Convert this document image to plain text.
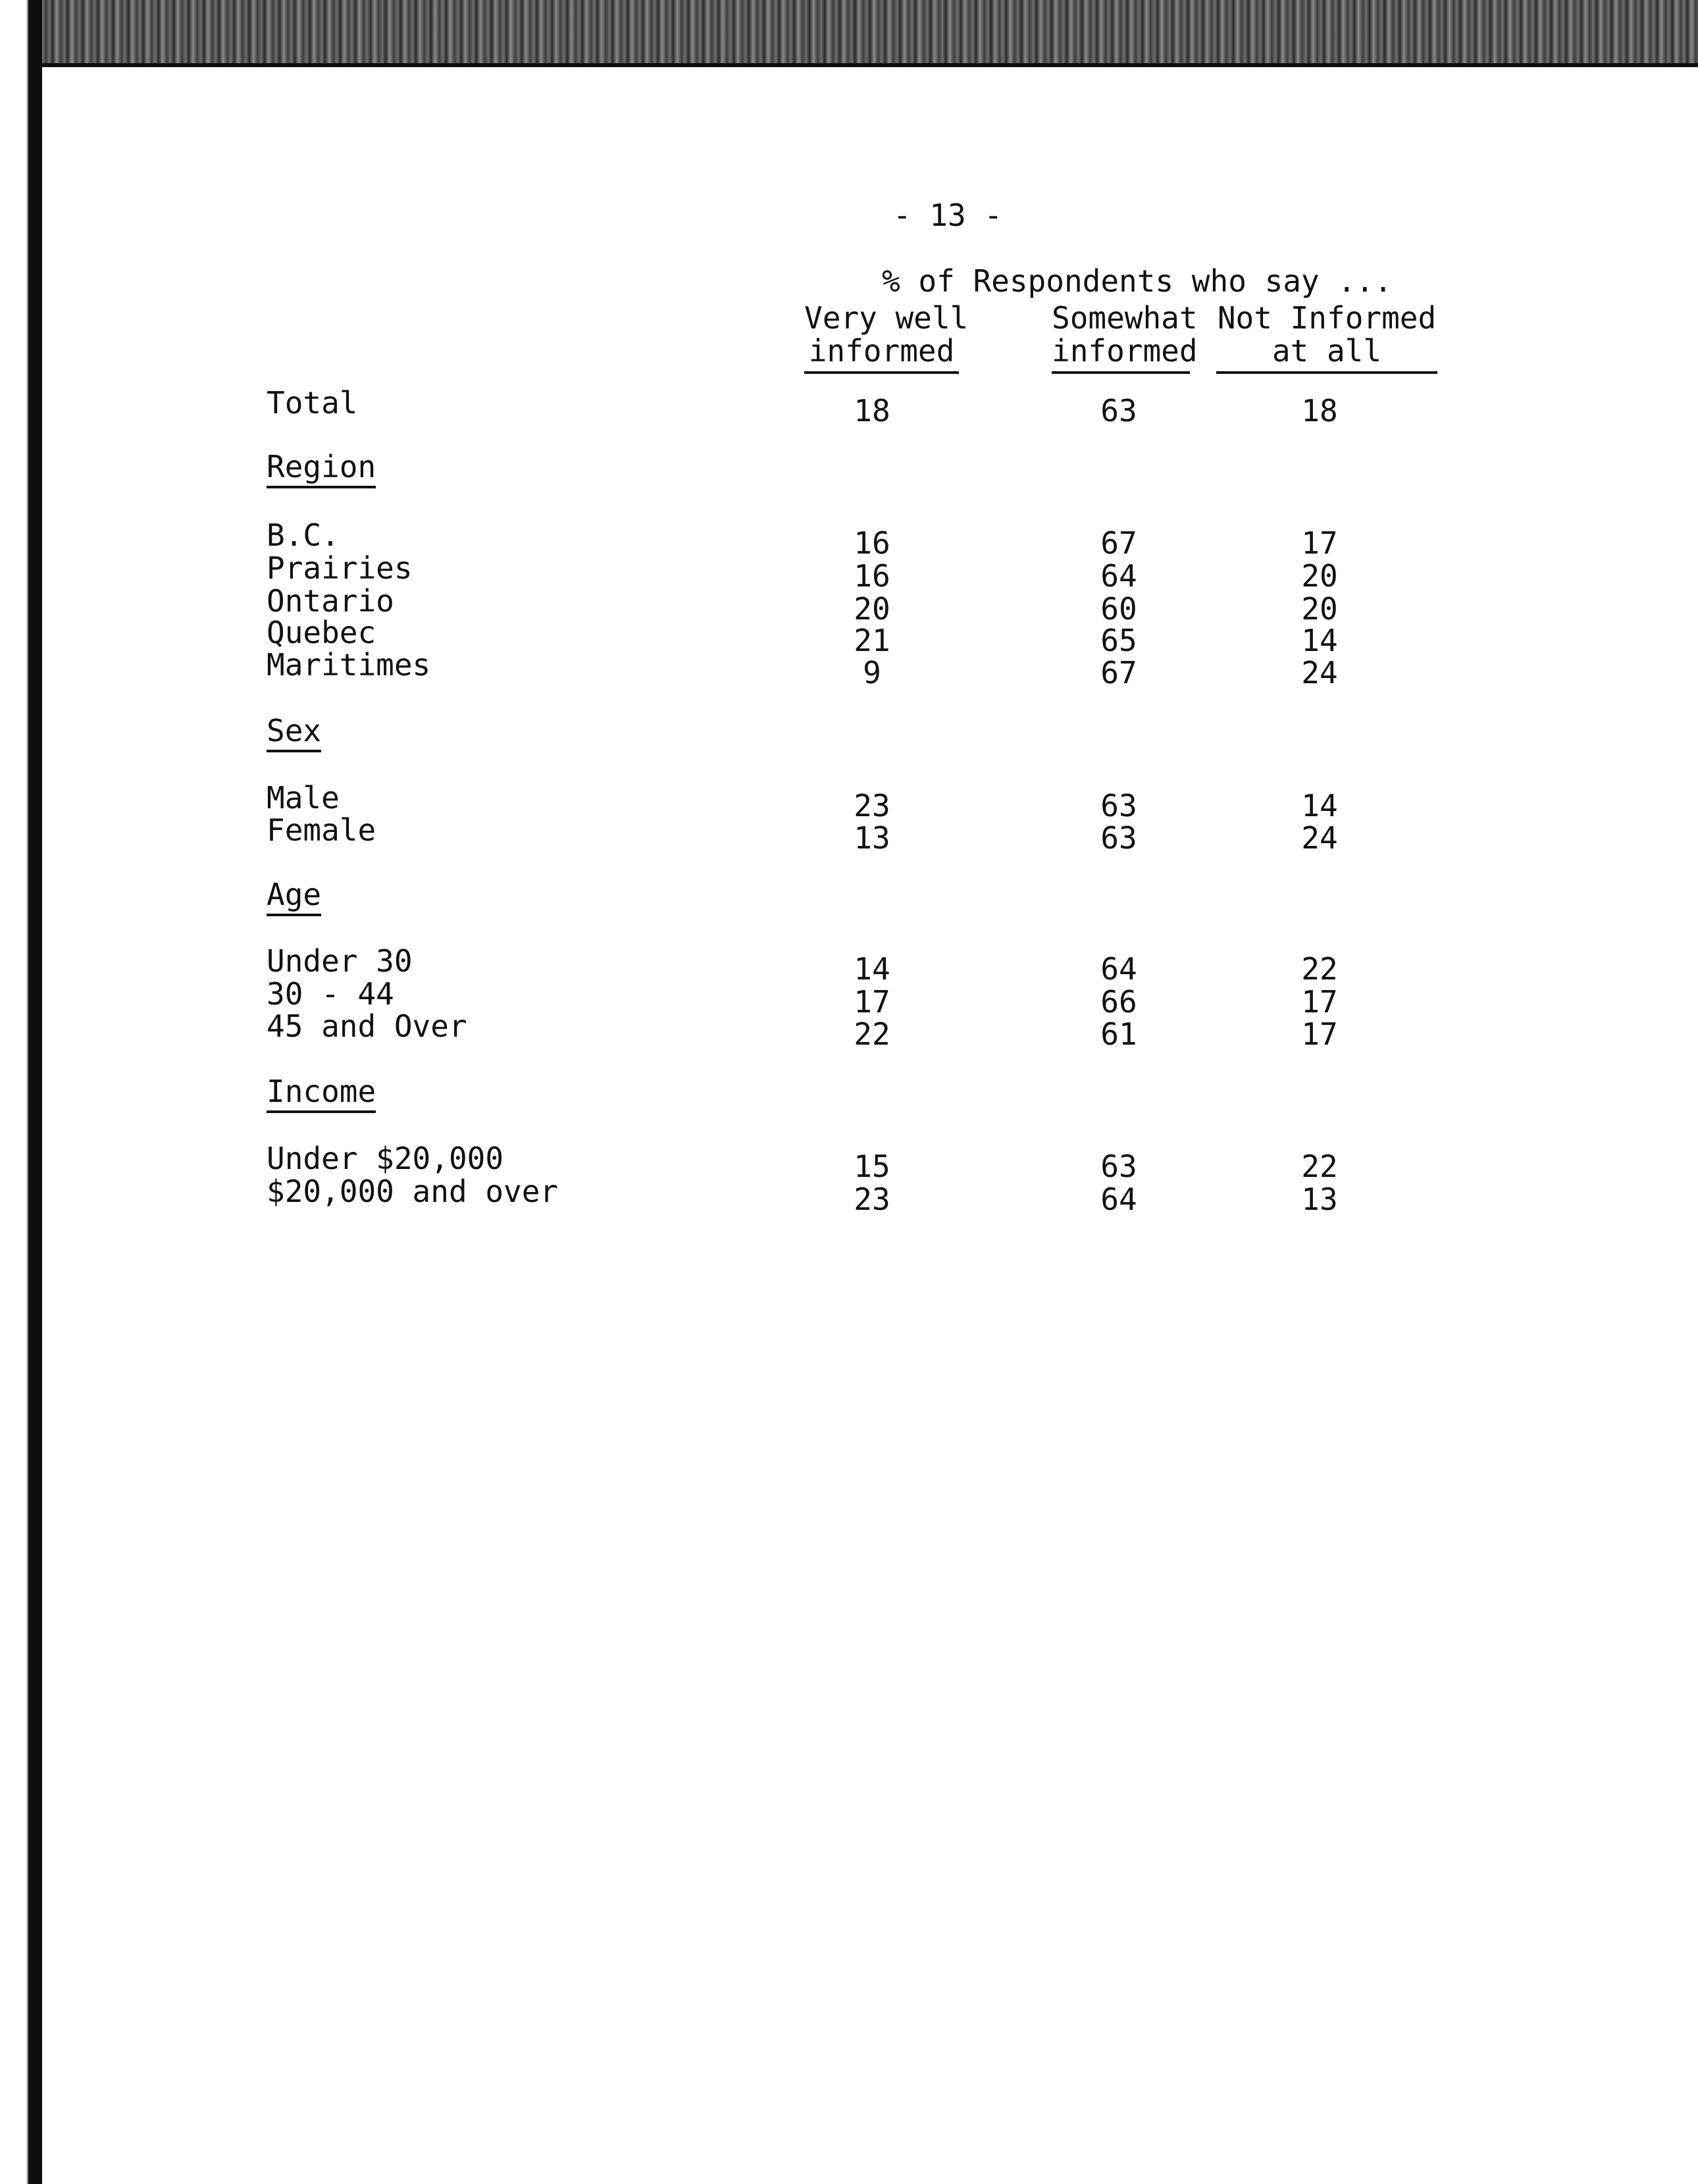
- 13 -
% of Respondents who say ...
Very well
informed
Somewhat
informed
Not Informed
at all
Total	18	63	18
Region
B.C.	16	67	17
Prairies	16	64	20
Ontario	20	60	20
Quebec	21	65	14
Maritimes	9	67	24
Sex
Male	23	63	14
Female	13	63	24
Age
Under 30	14	64	22
30 - 44	17	66	17
45 and Over	22	61	17
Income
Under $20,000	15	63	22
$20,000 and over	23	64	13
